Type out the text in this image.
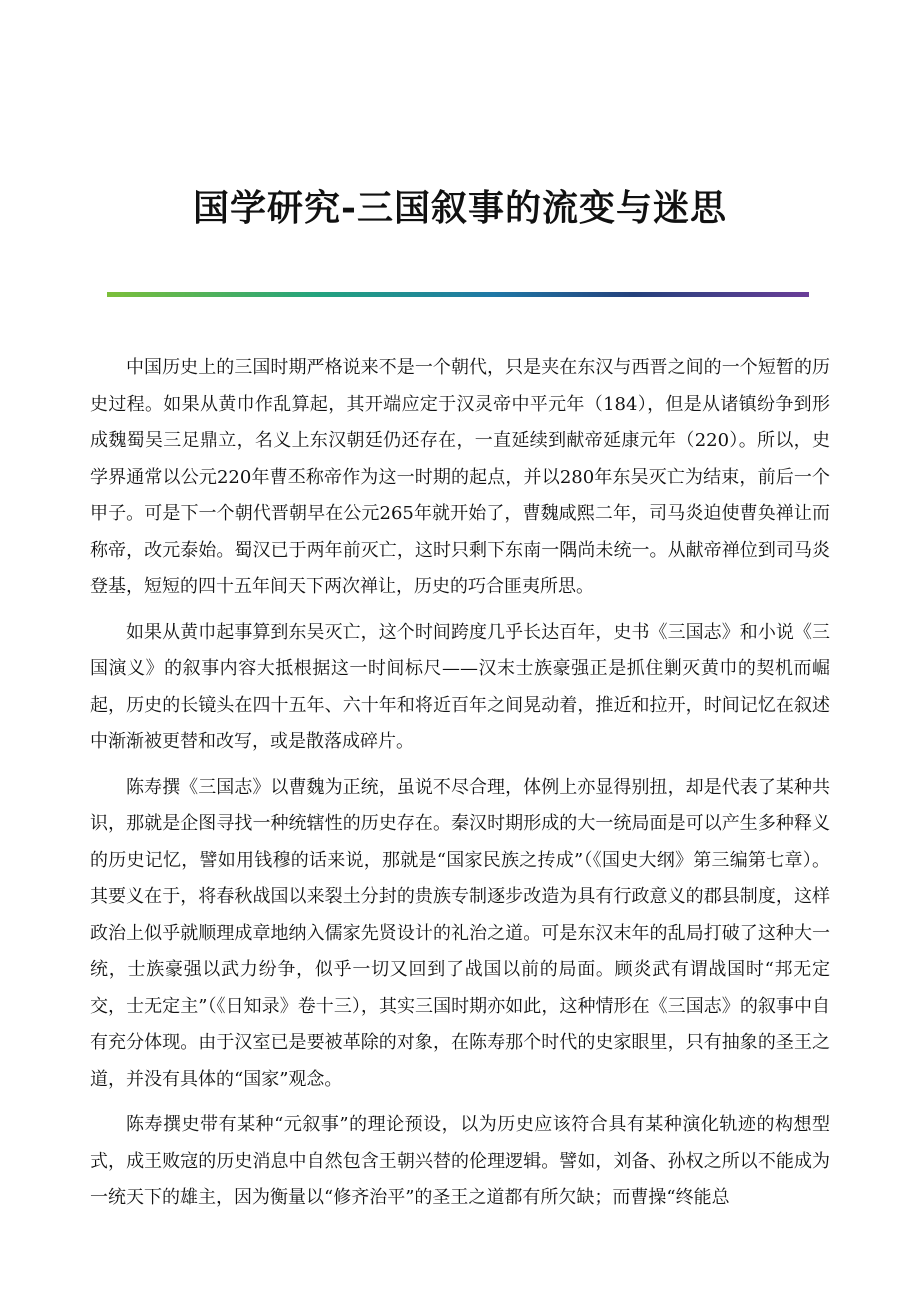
国学研究-三国叙事的流变与迷思

中国历史上的三国时期严格说来不是一个朝代，只是夹在东汉与西晋之间的一个短暂的历史过程。如果从黄巾作乱算起，其开端应定于汉灵帝中平元年（184），但是从诸镇纷争到形成魏蜀吴三足鼎立，名义上东汉朝廷仍还存在，一直延续到献帝延康元年（220）。所以，史学界通常以公元220年曹丕称帝作为这一时期的起点，并以280年东吴灭亡为结束，前后一个甲子。可是下一个朝代晋朝早在公元265年就开始了，曹魏咸熙二年，司马炎迫使曹奂禅让而称帝，改元泰始。蜀汉已于两年前灭亡，这时只剩下东南一隅尚未统一。从献帝禅位到司马炎登基，短短的四十五年间天下两次禅让，历史的巧合匪夷所思。

如果从黄巾起事算到东吴灭亡，这个时间跨度几乎长达百年，史书《三国志》和小说《三国演义》的叙事内容大抵根据这一时间标尺——汉末士族豪强正是抓住剿灭黄巾的契机而崛起，历史的长镜头在四十五年、六十年和将近百年之间晃动着，推近和拉开，时间记忆在叙述中渐渐被更替和改写，或是散落成碎片。

陈寿撰《三国志》以曹魏为正统，虽说不尽合理，体例上亦显得别扭，却是代表了某种共识，那就是企图寻找一种统辖性的历史存在。秦汉时期形成的大一统局面是可以产生多种释义的历史记忆，譬如用钱穆的话来说，那就是“国家民族之抟成”（《国史大纲》第三编第七章）。其要义在于，将春秋战国以来裂土分封的贵族专制逐步改造为具有行政意义的郡县制度，这样政治上似乎就顺理成章地纳入儒家先贤设计的礼治之道。可是东汉末年的乱局打破了这种大一统，士族豪强以武力纷争，似乎一切又回到了战国以前的局面。顾炎武有谓战国时“邦无定交，士无定主”（《日知录》卷十三），其实三国时期亦如此，这种情形在《三国志》的叙事中自有充分体现。由于汉室已是要被革除的对象，在陈寿那个时代的史家眼里，只有抽象的圣王之道，并没有具体的“国家”观念。

陈寿撰史带有某种“元叙事”的理论预设，以为历史应该符合具有某种演化轨迹的构想型式，成王败寇的历史消息中自然包含王朝兴替的伦理逻辑。譬如，刘备、孙权之所以不能成为一统天下的雄主，因为衡量以“修齐治平”的圣王之道都有所欠缺；而曹操“终能总
